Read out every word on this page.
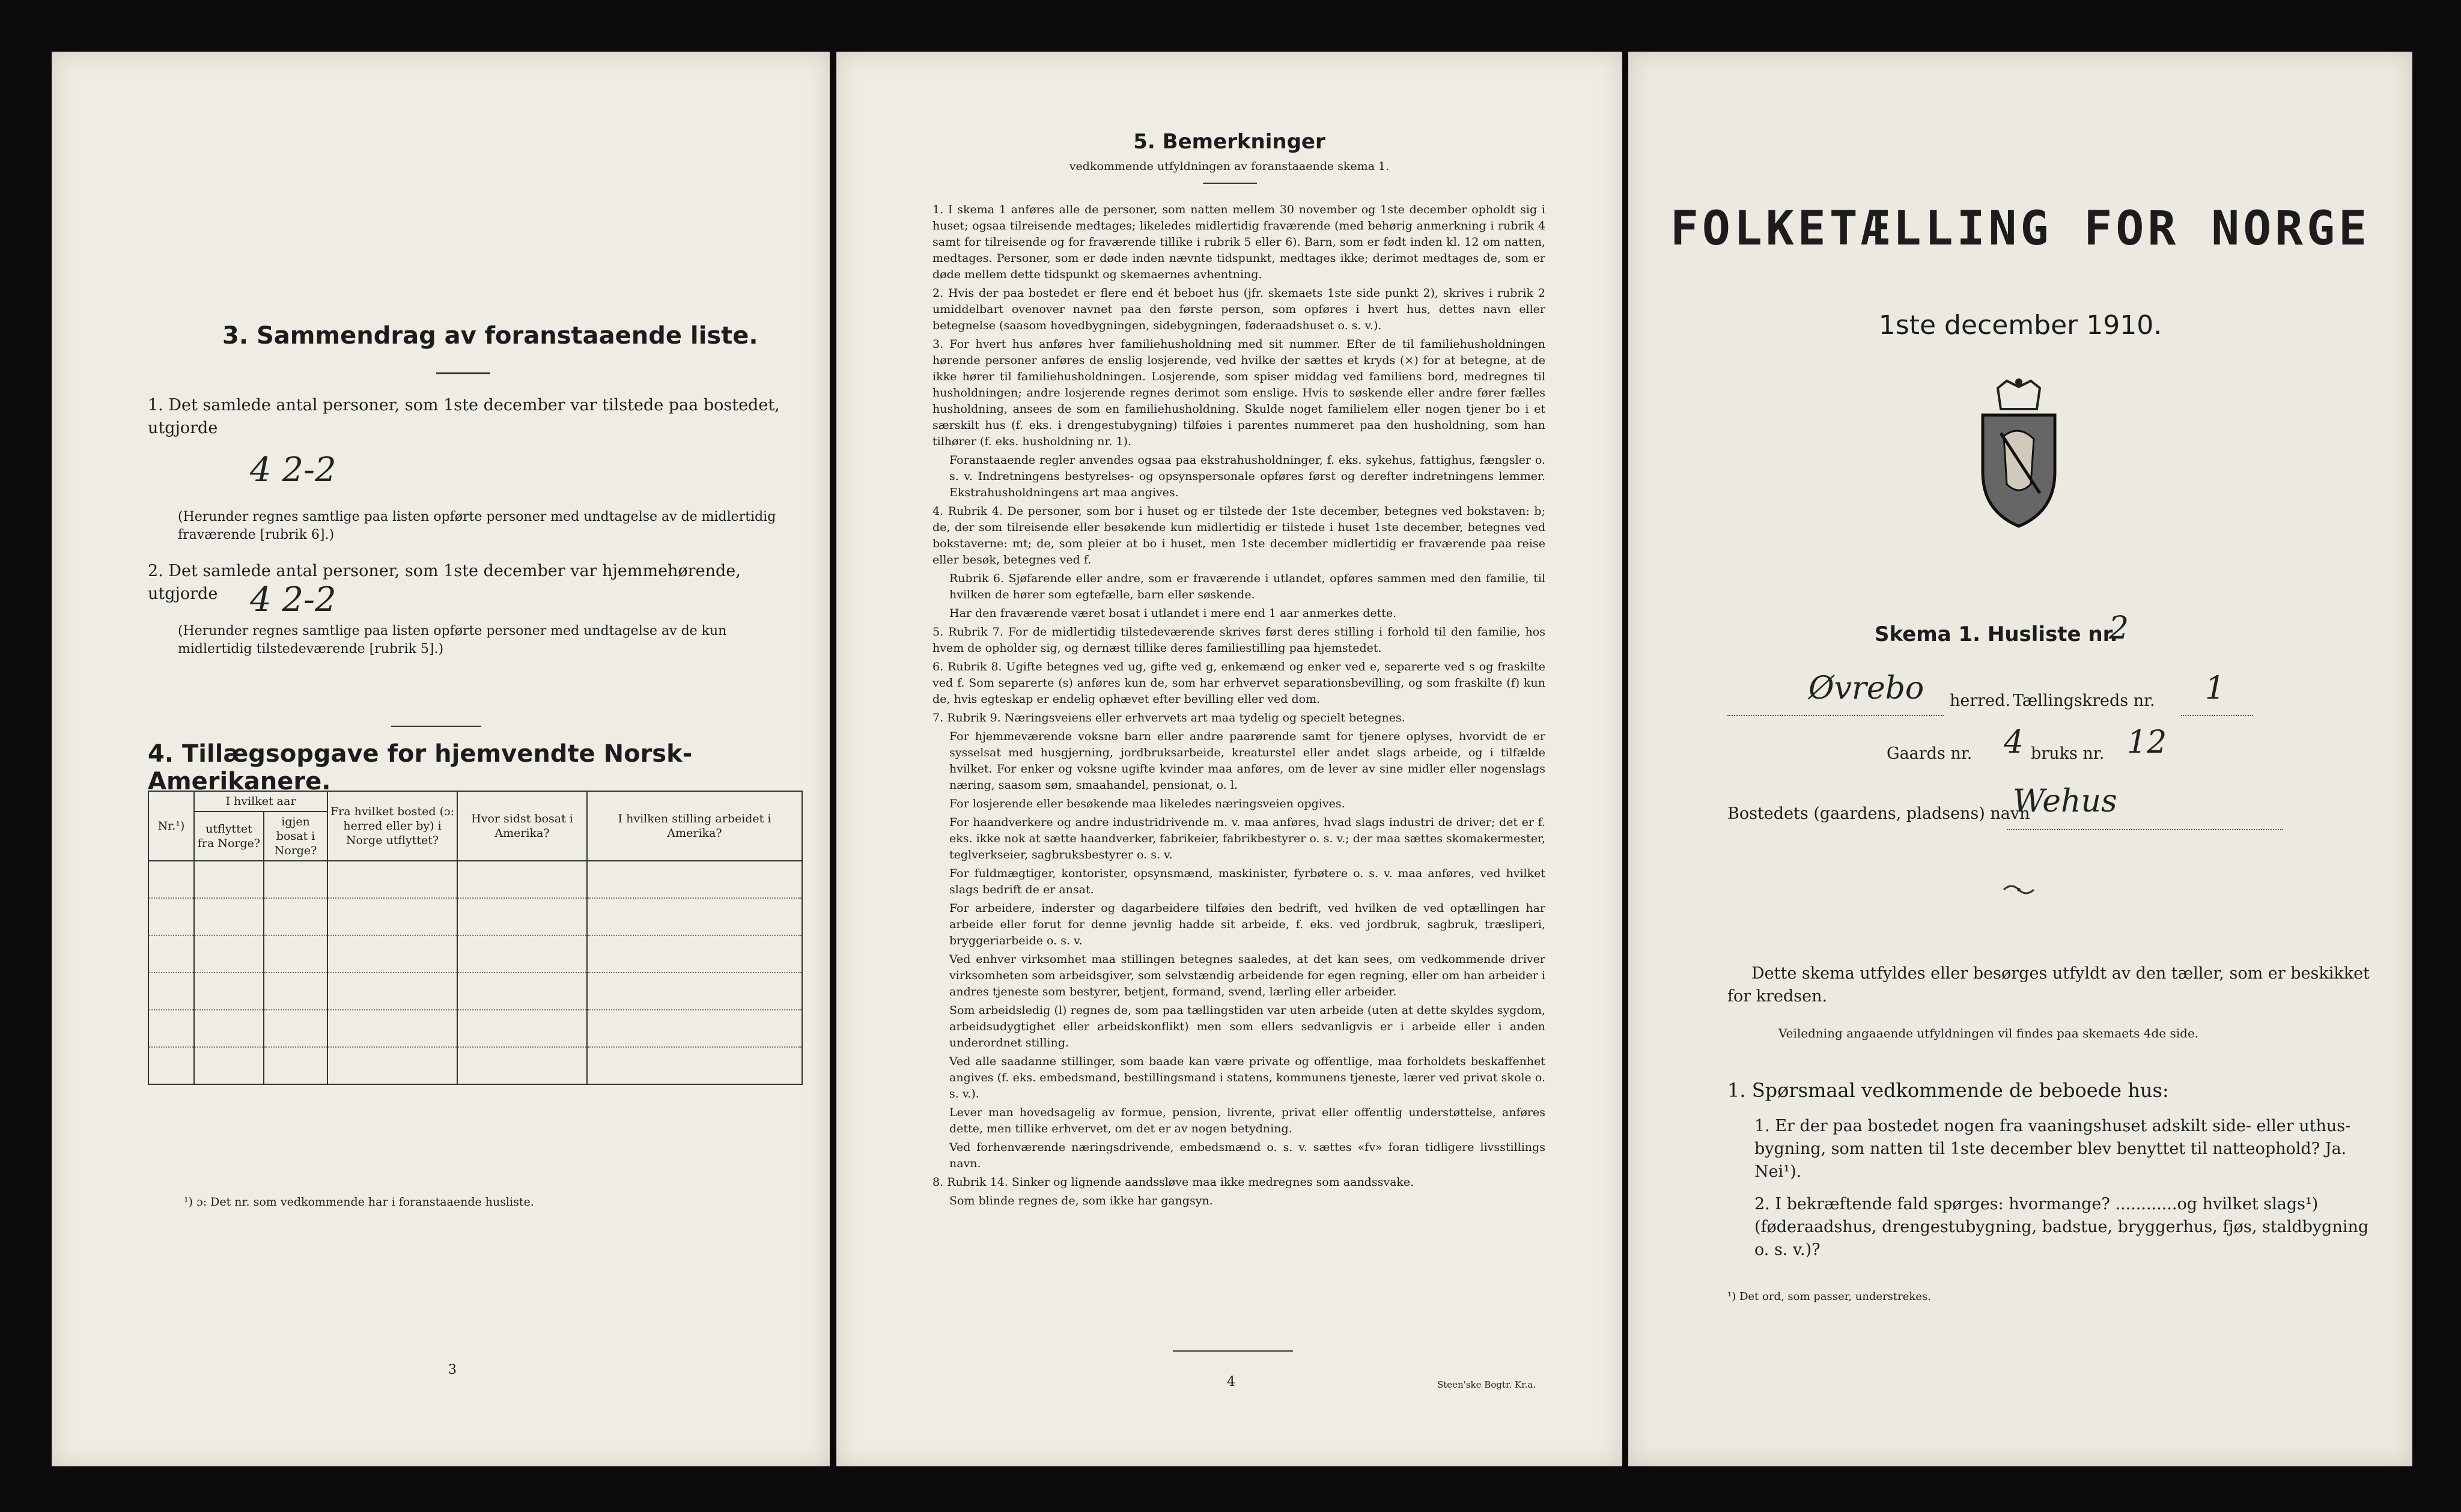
3. Sammendrag av foranstaaende liste.
1. Det samlede antal personer, som 1ste december var tilstede paa bostedet, utgjorde
4 2-2
(Herunder regnes samtlige paa listen opførte personer med undtagelse av de midlertidig fraværende [rubrik 6].)
2. Det samlede antal personer, som 1ste december var hjemmehørende, utgjorde 4 2-2
(Herunder regnes samtlige paa listen opførte personer med undtagelse av de kun midlertidig tilstedeværende [rubrik 5].)
4. Tillægsopgave for hjemvendte Norsk-Amerikanere.
Nr.¹)	I hvilket aar		Fra hvilket bosted (ɔ: herred eller by) i Norge utflyttet?	Hvor sidst bosat i Amerika?	I hvilken stilling arbeidet i Amerika?
	utflyttet fra Norge?	igjen bosat i Norge?			

¹) ɔ: Det nr. som vedkommende har i foranstaaende husliste.
3
5. Bemerkninger
vedkommende utfyldningen av foranstaaende skema 1.

1. I skema 1 anføres alle de personer, som natten mellem 30 november og 1ste december opholdt sig i huset; ogsaa tilreisende medtages; likeledes midlertidig fraværende (med behørig anmerkning i rubrik 4 samt for tilreisende og for fraværende tillike i rubrik 5 eller 6). Barn, som er født inden kl. 12 om natten, medtages. Personer, som er døde inden nævnte tidspunkt, medtages ikke; derimot medtages de, som er døde mellem dette tidspunkt og skemaernes avhentning.

2. Hvis der paa bostedet er flere end ét beboet hus (jfr. skemaets 1ste side punkt 2), skrives i rubrik 2 umiddelbart ovenover navnet paa den første person, som opføres i hvert hus, dettes navn eller betegnelse (saasom hovedbygningen, sidebygningen, føderaadshuset o. s. v.).

3. For hvert hus anføres hver familiehusholdning med sit nummer. Efter de til familiehusholdningen hørende personer anføres de enslig losjerende, ved hvilke der sættes et kryds (×) for at betegne, at de ikke hører til familiehusholdningen. Losjerende, som spiser middag ved familiens bord, medregnes til husholdningen; andre losjerende regnes derimot som enslige. Hvis to søskende eller andre fører fælles husholdning, ansees de som en familiehusholdning. Skulde noget familielem eller nogen tjener bo i et særskilt hus (f. eks. i drengestubygning) tilføies i parentes nummeret paa den husholdning, som han tilhører (f. eks. husholdning nr. 1).

Foranstaaende regler anvendes ogsaa paa ekstrahusholdninger, f. eks. sykehus, fattighus, fængsler o. s. v. Indretningens bestyrelses- og opsynspersonale opføres først og derefter indretningens lemmer. Ekstrahusholdningens art maa angives.

4. Rubrik 4. De personer, som bor i huset og er tilstede der 1ste december, betegnes ved bokstaven: b; de, der som tilreisende eller besøkende kun midlertidig er tilstede i huset 1ste december, betegnes ved bokstaverne: mt; de, som pleier at bo i huset, men 1ste december midlertidig er fraværende paa reise eller besøk, betegnes ved f.

Rubrik 6. Sjøfarende eller andre, som er fraværende i utlandet, opføres sammen med den familie, til hvilken de hører som egtefælle, barn eller søskende.

Har den fraværende været bosat i utlandet i mere end 1 aar anmerkes dette.

5. Rubrik 7. For de midlertidig tilstedeværende skrives først deres stilling i forhold til den familie, hos hvem de opholder sig, og dernæst tillike deres familiestilling paa hjemstedet.

6. Rubrik 8. Ugifte betegnes ved ug, gifte ved g, enkemænd og enker ved e, separerte ved s og fraskilte ved f. Som separerte (s) anføres kun de, som har erhvervet separationsbevilling, og som fraskilte (f) kun de, hvis egteskap er endelig ophævet efter bevilling eller ved dom.

7. Rubrik 9. Næringsveiens eller erhvervets art maa tydelig og specielt betegnes.

For hjemmeværende voksne barn eller andre paarørende samt for tjenere oplyses, hvorvidt de er sysselsat med husgjerning, jordbruksarbeide, kreaturstel eller andet slags arbeide, og i tilfælde hvilket. For enker og voksne ugifte kvinder maa anføres, om de lever av sine midler eller nogenslags næring, saasom søm, smaahandel, pensionat, o. l.

For losjerende eller besøkende maa likeledes næringsveien opgives.

For haandverkere og andre industridrivende m. v. maa anføres, hvad slags industri de driver; det er f. eks. ikke nok at sætte haandverker, fabrikeier, fabrikbestyrer o. s. v.; der maa sættes skomakermester, teglverkseier, sagbruksbestyrer o. s. v.

For fuldmægtiger, kontorister, opsynsmænd, maskinister, fyrbøtere o. s. v. maa anføres, ved hvilket slags bedrift de er ansat.

For arbeidere, inderster og dagarbeidere tilføies den bedrift, ved hvilken de ved optællingen har arbeide eller forut for denne jevnlig hadde sit arbeide, f. eks. ved jordbruk, sagbruk, træsliperi, bryggeriarbeide o. s. v.

Ved enhver virksomhet maa stillingen betegnes saaledes, at det kan sees, om vedkommende driver virksomheten som arbeidsgiver, som selvstændig arbeidende for egen regning, eller om han arbeider i andres tjeneste som bestyrer, betjent, formand, svend, lærling eller arbeider.

Som arbeidsledig (l) regnes de, som paa tællingstiden var uten arbeide (uten at dette skyldes sygdom, arbeidsudygtighet eller arbeidskonflikt) men som ellers sedvanligvis er i arbeide eller i anden underordnet stilling.

Ved alle saadanne stillinger, som baade kan være private og offentlige, maa forholdets beskaffenhet angives (f. eks. embedsmand, bestillingsmand i statens, kommunens tjeneste, lærer ved privat skole o. s. v.).

Lever man hovedsagelig av formue, pension, livrente, privat eller offentlig understøttelse, anføres dette, men tillike erhvervet, om det er av nogen betydning.

Ved forhenværende næringsdrivende, embedsmænd o. s. v. sættes «fv» foran tidligere livsstillings navn.

8. Rubrik 14. Sinker og lignende aandssløve maa ikke medregnes som aandssvake.

Som blinde regnes de, som ikke har gangsyn.

4	Steen'ske Bogtr. Kr.a.
FOLKETÆLLING FOR NORGE
1ste december 1910.
Skema 1. Husliste nr.
2
Øvrebo herred. Tællingskreds nr. 1
Gaards nr. 4 bruks nr. 12
Bostedets (gaardens, pladsens) navn
Wehus
Dette skema utfyldes eller besørges utfyldt av den tæller, som er beskikket for kredsen.
Veiledning angaaende utfyldningen vil findes paa skemaets 4de side.
1. Spørsmaal vedkommende de beboede hus:
1. Er der paa bostedet nogen fra vaaningshuset adskilt side- eller uthus-bygning, som natten til 1ste december blev benyttet til natteophold? Ja. Nei¹).
2. I bekræftende fald spørges: hvormange? ............og hvilket slags¹) (føderaadshus, drengestubygning, badstue, bryggerhus, fjøs, staldbygning o. s. v.)?
¹) Det ord, som passer, understrekes.
